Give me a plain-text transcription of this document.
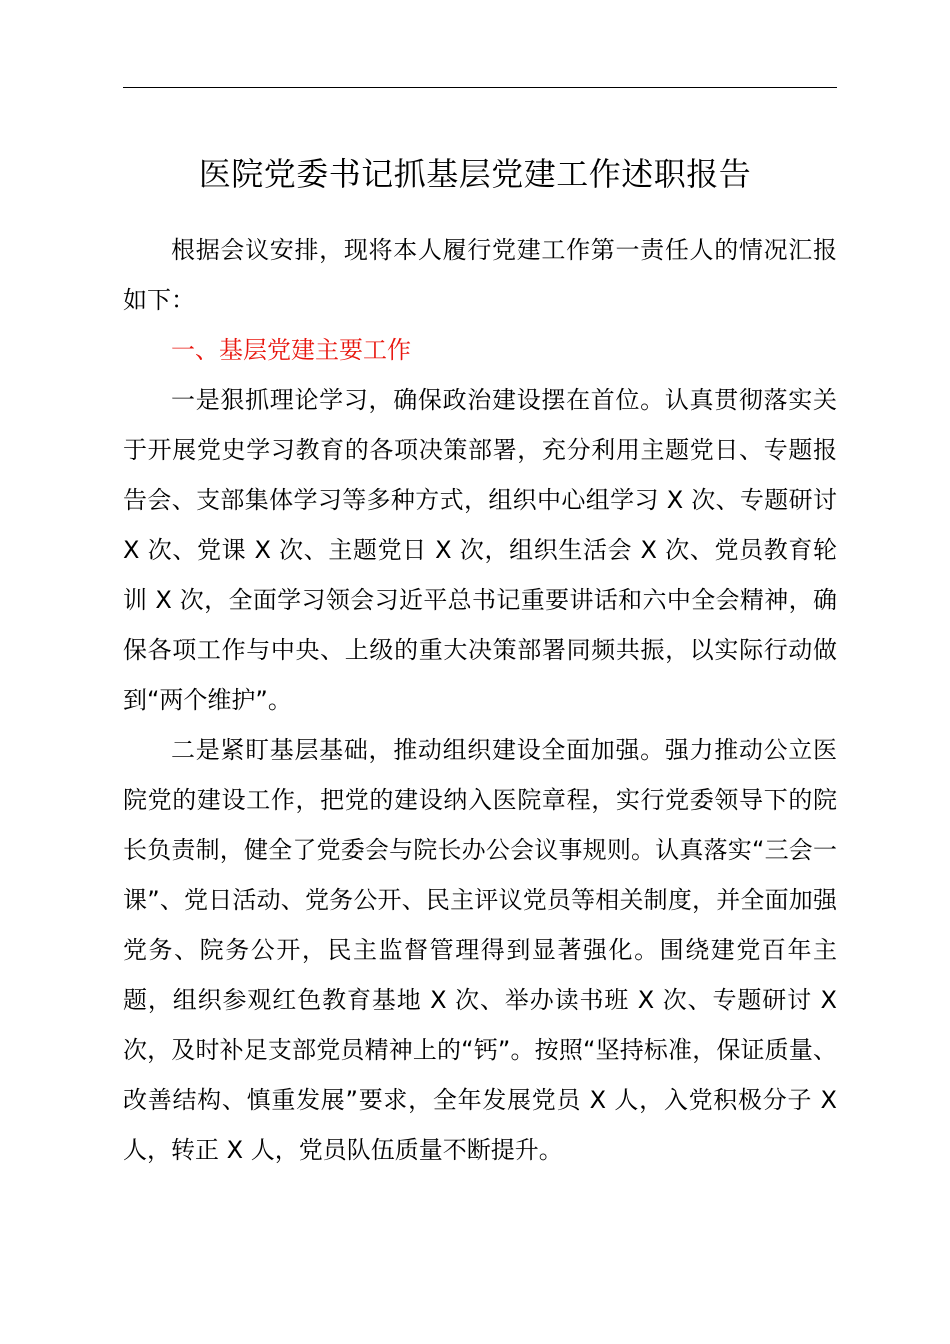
医院党委书记抓基层党建工作述职报告

根据会议安排，现将本人履行党建工作第一责任人的情况汇报如下：

一、基层党建主要工作

一是狠抓理论学习，确保政治建设摆在首位。认真贯彻落实关于开展党史学习教育的各项决策部署，充分利用主题党日、专题报告会、支部集体学习等多种方式，组织中心组学习 X 次、专题研讨 X 次、党课 X 次、主题党日 X 次，组织生活会 X 次、党员教育轮训 X 次，全面学习领会习近平总书记重要讲话和六中全会精神，确保各项工作与中央、上级的重大决策部署同频共振，以实际行动做到“两个维护”。

二是紧盯基层基础，推动组织建设全面加强。强力推动公立医院党的建设工作，把党的建设纳入医院章程，实行党委领导下的院长负责制，健全了党委会与院长办公会议事规则。认真落实“三会一课”、党日活动、党务公开、民主评议党员等相关制度，并全面加强党务、院务公开，民主监督管理得到显著强化。围绕建党百年主题，组织参观红色教育基地 X 次、举办读书班 X 次、专题研讨 X 次，及时补足支部党员精神上的“钙”。按照“坚持标准，保证质量、改善结构、慎重发展”要求，全年发展党员 X 人，入党积极分子 X 人，转正 X 人，党员队伍质量不断提升。
